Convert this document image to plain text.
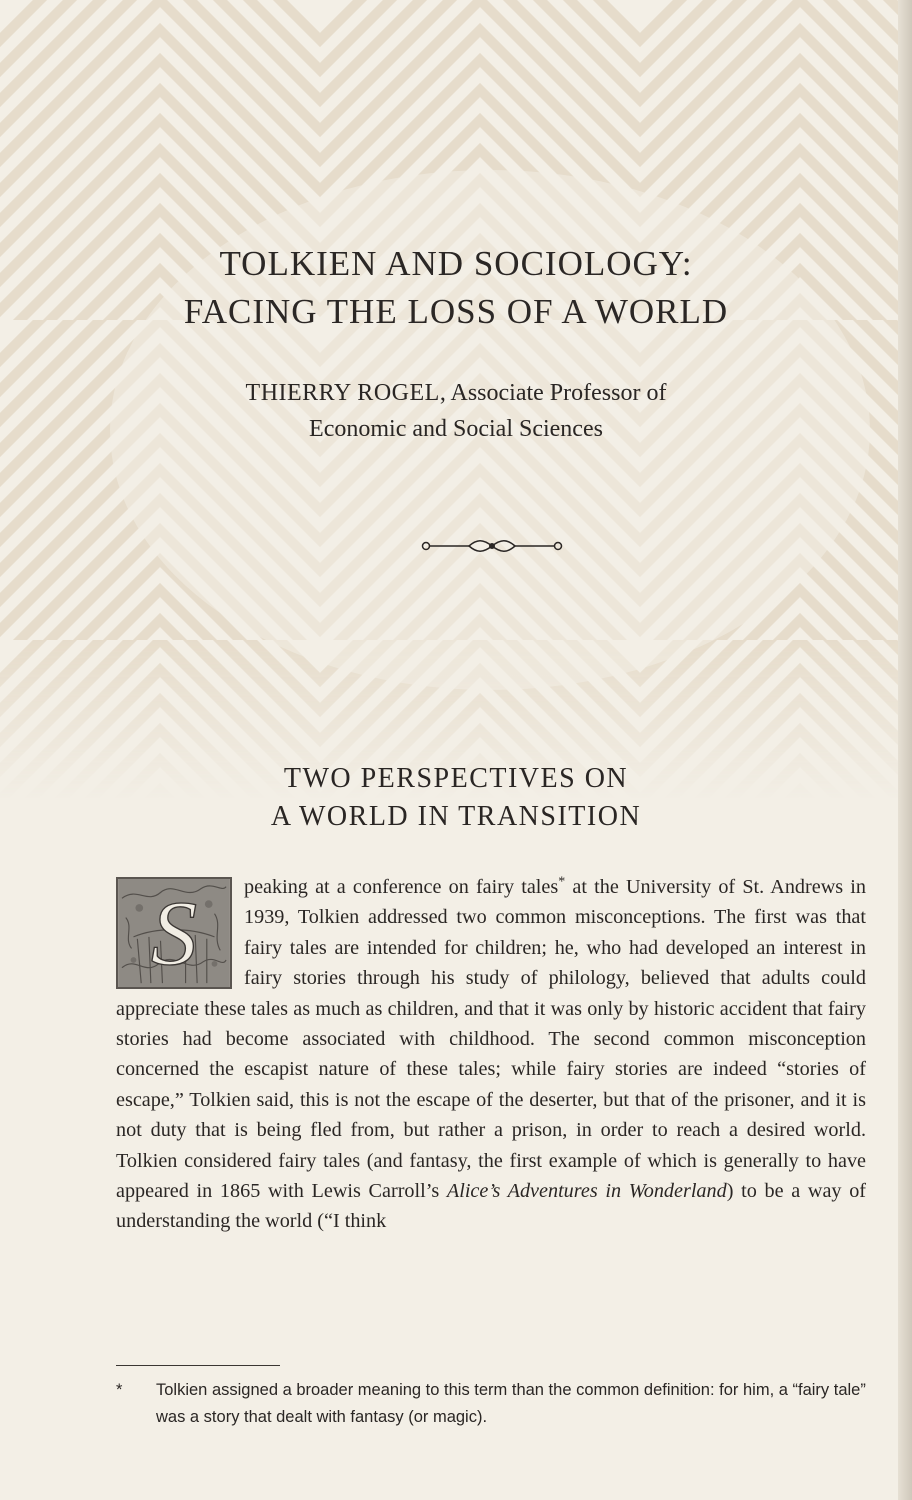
TOLKIEN AND SOCIOLOGY:
FACING THE LOSS OF A WORLD

THIERRY ROGEL, Associate Professor of
Economic and Social Sciences

TWO PERSPECTIVES ON
A WORLD IN TRANSITION

S peaking at a conference on fairy tales* at the University of St. Andrews in 1939, Tolkien addressed two common misconceptions. The first was that fairy tales are intended for children; he, who had developed an interest in fairy stories through his study of philology, believed that adults could appreciate these tales as much as children, and that it was only by historic accident that fairy stories had become associated with childhood. The second common misconception concerned the escapist nature of these tales; while fairy stories are indeed “stories of escape,” Tolkien said, this is not the escape of the deserter, but that of the prisoner, and it is not duty that is being fled from, but rather a prison, in order to reach a desired world. Tolkien considered fairy tales (and fantasy, the first example of which is generally to have appeared in 1865 with Lewis Carroll’s Alice’s Adventures in Wonderland) to be a way of understanding the world (“I think

* Tolkien assigned a broader meaning to this term than the common definition: for him, a “fairy tale” was a story that dealt with fantasy (or magic).
